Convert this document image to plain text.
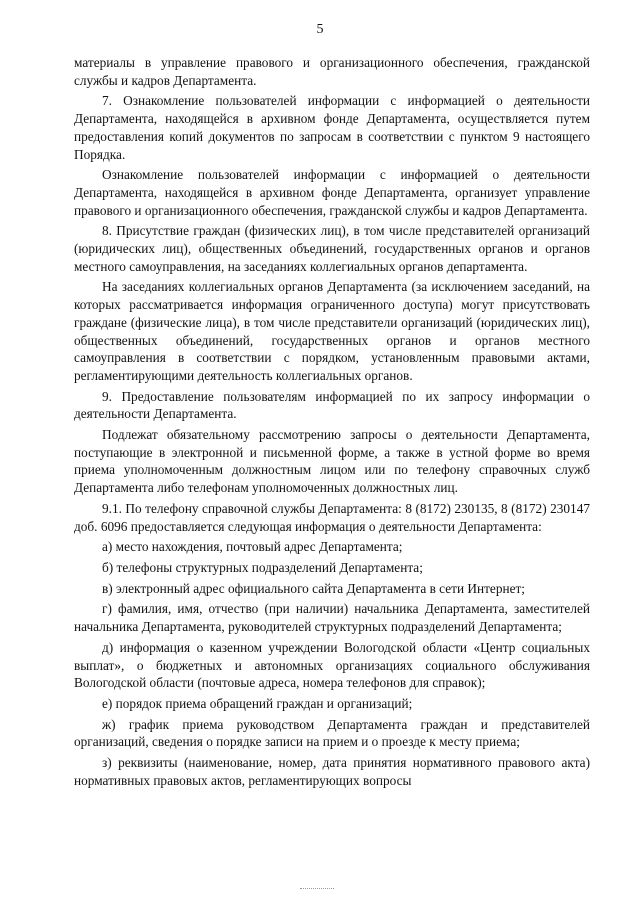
5

материалы в управление правового и организационного обеспечения, гражданской службы и кадров Департамента.

7. Ознакомление пользователей информации с информацией о деятельности Департамента, находящейся в архивном фонде Департамента, осуществляется путем предоставления копий документов по запросам в соответствии с пунктом 9 настоящего Порядка.

Ознакомление пользователей информации с информацией о деятельности Департамента, находящейся в архивном фонде Департамента, организует управление правового и организационного обеспечения, гражданской службы и кадров Департамента.

8. Присутствие граждан (физических лиц), в том числе представителей организаций (юридических лиц), общественных объединений, государственных органов и органов местного самоуправления, на заседаниях коллегиальных органов департамента.

На заседаниях коллегиальных органов Департамента (за исключением заседаний, на которых рассматривается информация ограниченного доступа) могут присутствовать граждане (физические лица), в том числе представители организаций (юридических лиц), общественных объединений, государственных органов и органов местного самоуправления в соответствии с порядком, установленным правовыми актами, регламентирующими деятельность коллегиальных органов.

9. Предоставление пользователям информацией по их запросу информации о деятельности Департамента.

Подлежат обязательному рассмотрению запросы о деятельности Департамента, поступающие в электронной и письменной форме, а также в устной форме во время приема уполномоченным должностным лицом или по телефону справочных служб Департамента либо телефонам уполномоченных должностных лиц.

9.1. По телефону справочной службы Департамента: 8 (8172) 230135, 8 (8172) 230147 доб. 6096 предоставляется следующая информация о деятельности Департамента:

а) место нахождения, почтовый адрес Департамента;

б) телефоны структурных подразделений Департамента;

в) электронный адрес официального сайта Департамента в сети Интернет;

г) фамилия, имя, отчество (при наличии) начальника Департамента, заместителей начальника Департамента, руководителей структурных подразделений Департамента;

д) информация о казенном учреждении Вологодской области «Центр социальных выплат», о бюджетных и автономных организациях социального обслуживания Вологодской области (почтовые адреса, номера телефонов для справок);

е) порядок приема обращений граждан и организаций;

ж) график приема руководством Департамента граждан и представителей организаций, сведения о порядке записи на прием и о проезде к месту приема;

з) реквизиты (наименование, номер, дата принятия нормативного правового акта) нормативных правовых актов, регламентирующих вопросы
